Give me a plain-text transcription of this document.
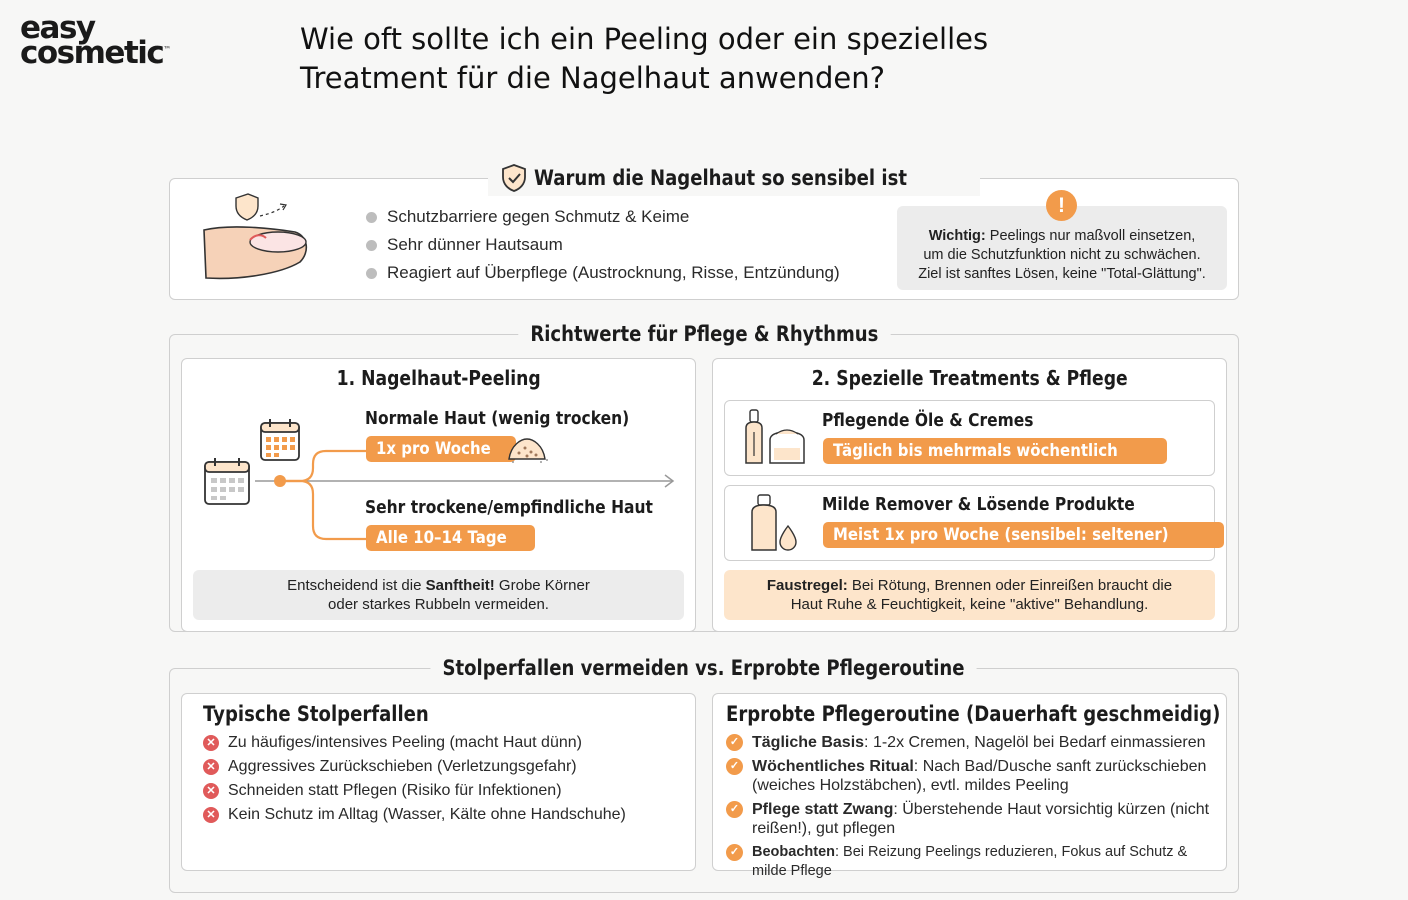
easy
cosmetic™	Wie oft sollte ich ein Peeling oder ein spezielles
Treatment für die Nagelhaut anwenden?
Warum die Nagelhaut so sensibel ist
Schutzbarriere gegen Schmutz & Keime
Sehr dünner Hautsaum
Reagiert auf Überpflege (Austrocknung, Risse, Entzündung)
Wichtig: Peelings nur maßvoll einsetzen,
um die Schutzfunktion nicht zu schwächen.
Ziel ist sanftes Lösen, keine "Total-Glättung".
!
Richtwerte für Pflege & Rhythmus
1. Nagelhaut-Peeling
Normale Haut (wenig trocken)
1x pro Woche
Sehr trockene/empfindliche Haut
Alle 10–14 Tage
Entscheidend ist die Sanftheit! Grobe Körner
oder starkes Rubbeln vermeiden.
2. Spezielle Treatments & Pflege
Pflegende Öle & Cremes
Täglich bis mehrmals wöchentlich
Milde Remover & Lösende Produkte
Meist 1x pro Woche (sensibel: seltener)
Faustregel: Bei Rötung, Brennen oder Einreißen braucht die
Haut Ruhe & Feuchtigkeit, keine "aktive" Behandlung.
Stolperfallen vermeiden vs. Erprobte Pflegeroutine
Typische Stolperfallen
✕ Zu häufiges/intensives Peeling (macht Haut dünn)
✕ Aggressives Zurückschieben (Verletzungsgefahr)
✕ Schneiden statt Pflegen (Risiko für Infektionen)
✕ Kein Schutz im Alltag (Wasser, Kälte ohne Handschuhe)
Erprobte Pflegeroutine (Dauerhaft geschmeidig)
✓ Tägliche Basis: 1-2x Cremen, Nagelöl bei Bedarf einmassieren
✓ Wöchentliches Ritual: Nach Bad/Dusche sanft zurückschieben (weiches Holzstäbchen), evtl. mildes Peeling
✓ Pflege statt Zwang: Überstehende Haut vorsichtig kürzen (nicht reißen!), gut pflegen
✓ Beobachten: Bei Reizung Peelings reduzieren, Fokus auf Schutz & milde Pflege
